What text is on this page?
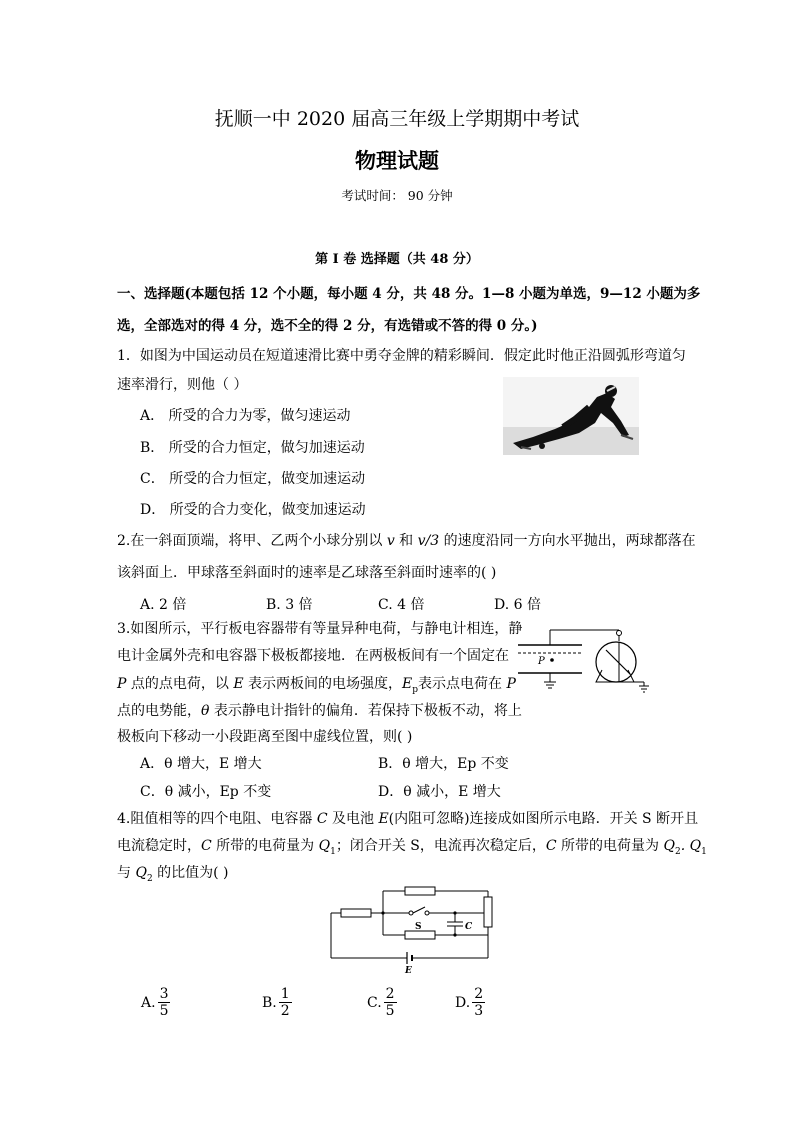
抚顺一中 2020 届高三年级上学期期中考试
物理试题
考试时间： 90 分钟
第 I 卷 选择题（共 48 分）
一、选择题(本题包括 12 个小题，每小题 4 分，共 48 分。1—8 小题为单选，9—12 小题为多
选，全部选对的得 4 分，选不全的得 2 分，有选错或不答的得 0 分。)
1．如图为中国运动员在短道速滑比赛中勇夺金牌的精彩瞬间．假定此时他正沿圆弧形弯道匀
速率滑行，则他（ ）
A． 所受的合力为零，做匀速运动
B． 所受的合力恒定，做匀加速运动
C． 所受的合力恒定，做变加速运动
D． 所受的合力变化，做变加速运动
2.在一斜面顶端，将甲、乙两个小球分别以 v 和 v/3 的速度沿同一方向水平抛出，两球都落在
该斜面上．甲球落至斜面时的速率是乙球落至斜面时速率的( )
A. 2 倍	B. 3 倍	C. 4 倍	D. 6 倍
3.如图所示，平行板电容器带有等量异种电荷，与静电计相连，静
电计金属外壳和电容器下极板都接地．在两极板间有一个固定在
P 点的点电荷，以 E 表示两板间的电场强度，$E_p$表示点电荷在 P
点的电势能，θ 表示静电计指针的偏角．若保持下极板不动，将上
极板向下移动一小段距离至图中虚线位置，则( )
A．θ 增大，E 增大	B．θ 增大，Ep 不变
C．θ 减小，Ep 不变	D．θ 减小，E 增大
P
4.阻值相等的四个电阻、电容器 C 及电池 E(内阻可忽略)连接成如图所示电路．开关 S 断开且
电流稳定时，C 所带的电荷量为 $Q_1$；闭合开关 S，电流再次稳定后，C 所带的电荷量为 $Q_2$. $Q_1$
与 $Q_2$ 的比值为( )
S	C
E
A. $\frac{3}{5}$	B. $\frac{1}{2}$	C. $\frac{2}{5}$	D. $\frac{2}{3}$
